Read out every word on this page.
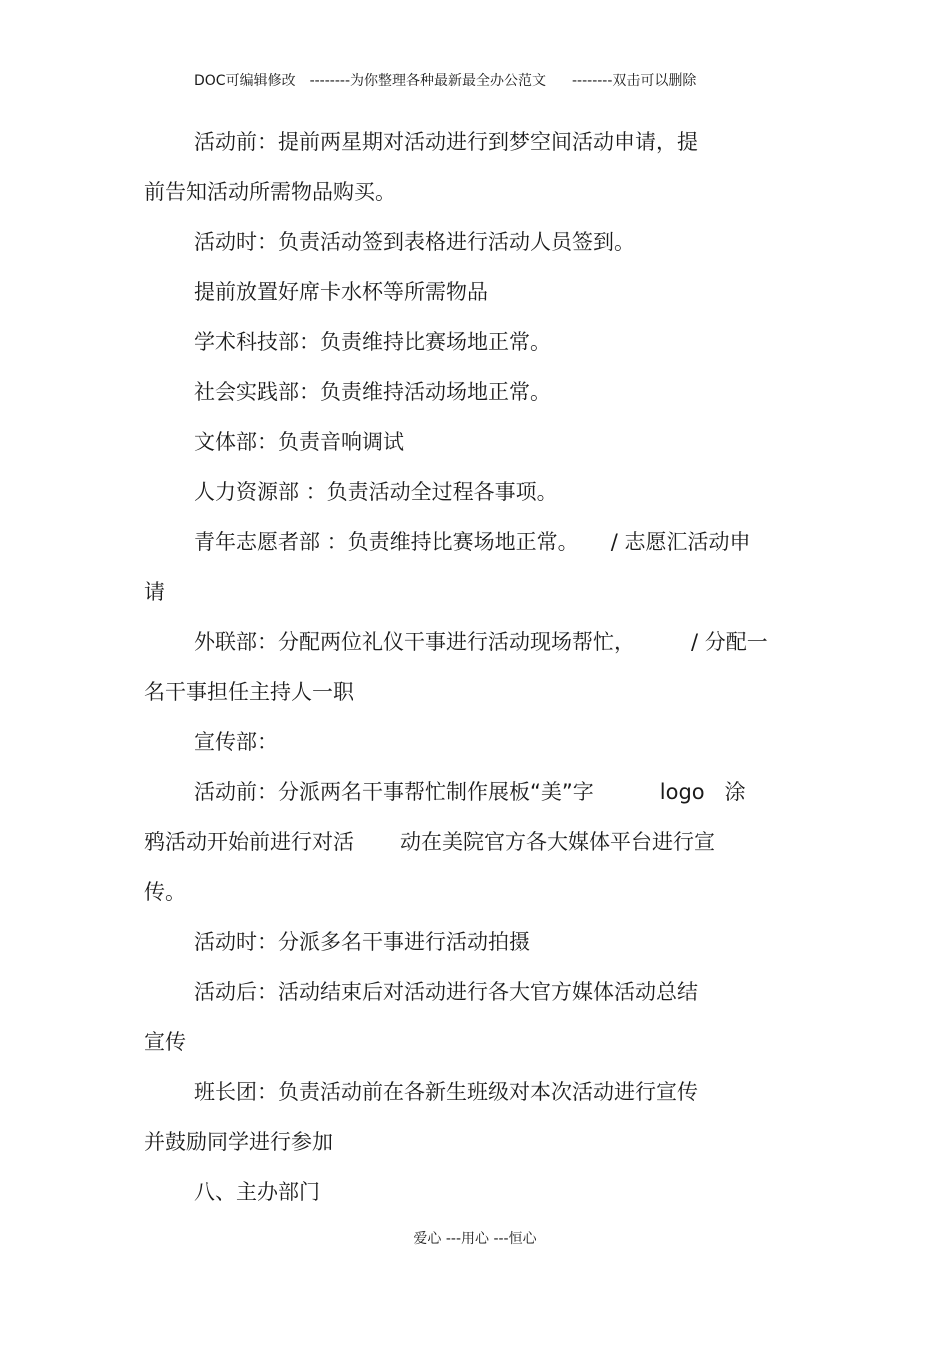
DOC可编辑修改 --------为你整理各种最新最全办公范文 --------双击可以删除
活动前：提前两星期对活动进行到梦空间活动申请，提
前告知活动所需物品购买。
活动时：负责活动签到表格进行活动人员签到。
提前放置好席卡水杯等所需物品
学术科技部：负责维持比赛场地正常。
社会实践部：负责维持活动场地正常。
文体部：负责音响调试
人力资源部 ：负责活动全过程各事项。
青年志愿者部 ：负责维持比赛场地正常。 / 志愿汇活动申
请
外联部：分配两位礼仪干事进行活动现场帮忙，	/ 分配一
名干事担任主持人一职
宣传部：
活动前：分派两名干事帮忙制作展板“美”字	logo 涂
鸦活动开始前进行对活 动在美院官方各大媒体平台进行宣
传。
活动时：分派多名干事进行活动拍摄
活动后：活动结束后对活动进行各大官方媒体活动总结
宣传
班长团：负责活动前在各新生班级对本次活动进行宣传
并鼓励同学进行参加
八、主办部门
爱心 ---用心 ---恒心
